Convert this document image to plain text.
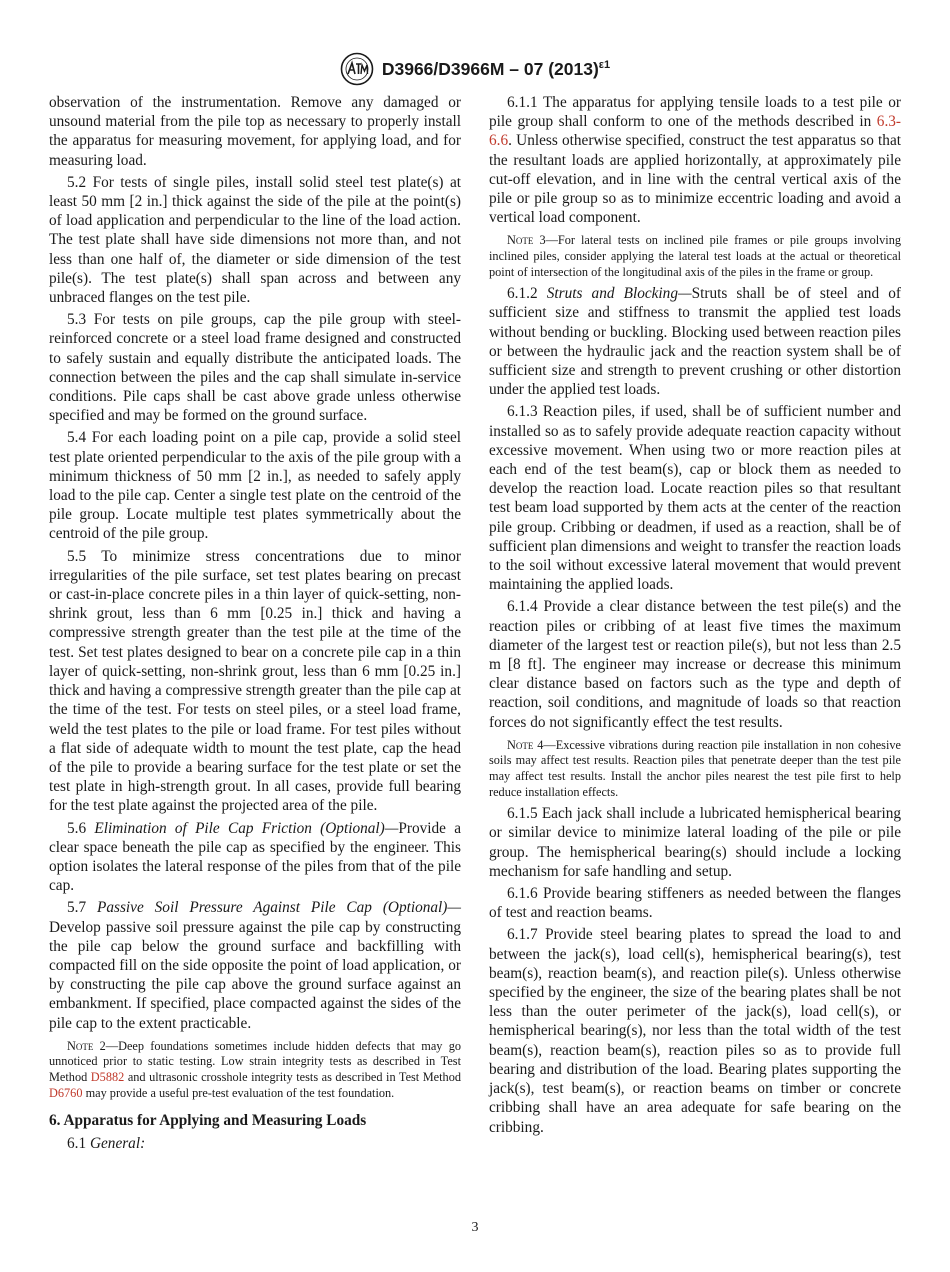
D3966/D3966M – 07 $(2013)^{\varepsilon 1}$

observation of the instrumentation. Remove any damaged or unsound material from the pile top as necessary to properly install the apparatus for measuring movement, for applying load, and for measuring load.

5.2 For tests of single piles, install solid steel test plate(s) at least 50 mm [2 in.] thick against the side of the pile at the point(s) of load application and perpendicular to the line of the load action. The test plate shall have side dimensions not more than, and not less than one half of, the diameter or side dimension of the test pile(s). The test plate(s) shall span across and between any unbraced flanges on the test pile.

5.3 For tests on pile groups, cap the pile group with steel-reinforced concrete or a steel load frame designed and constructed to safely sustain and equally distribute the anticipated loads. The connection between the piles and the cap shall simulate in-service conditions. Pile caps shall be cast above grade unless otherwise specified and may be formed on the ground surface.

5.4 For each loading point on a pile cap, provide a solid steel test plate oriented perpendicular to the axis of the pile group with a minimum thickness of 50 mm [2 in.], as needed to safely apply load to the pile cap. Center a single test plate on the centroid of the pile group. Locate multiple test plates symmetrically about the centroid of the pile group.

5.5 To minimize stress concentrations due to minor irregularities of the pile surface, set test plates bearing on precast or cast-in-place concrete piles in a thin layer of quick-setting, non-shrink grout, less than 6 mm [0.25 in.] thick and having a compressive strength greater than the test pile at the time of the test. Set test plates designed to bear on a concrete pile cap in a thin layer of quick-setting, non-shrink grout, less than 6 mm [0.25 in.] thick and having a compressive strength greater than the pile cap at the time of the test. For tests on steel piles, or a steel load frame, weld the test plates to the pile or load frame. For test piles without a flat side of adequate width to mount the test plate, cap the head of the pile to provide a bearing surface for the test plate or set the test plate in high-strength grout. In all cases, provide full bearing for the test plate against the projected area of the pile.

5.6 Elimination of Pile Cap Friction (Optional)—Provide a clear space beneath the pile cap as specified by the engineer. This option isolates the lateral response of the piles from that of the pile cap.

5.7 Passive Soil Pressure Against Pile Cap (Optional)— Develop passive soil pressure against the pile cap by constructing the pile cap below the ground surface and backfilling with compacted fill on the side opposite the point of load application, or by constructing the pile cap above the ground surface against an embankment. If specified, place compacted against the sides of the pile cap to the extent practicable.

Note 2—Deep foundations sometimes include hidden defects that may go unnoticed prior to static testing. Low strain integrity tests as described in Test Method D5882 and ultrasonic crosshole integrity tests as described in Test Method D6760 may provide a useful pre-test evaluation of the test foundation.

6. Apparatus for Applying and Measuring Loads

6.1 General:

6.1.1 The apparatus for applying tensile loads to a test pile or pile group shall conform to one of the methods described in 6.3-6.6. Unless otherwise specified, construct the test apparatus so that the resultant loads are applied horizontally, at approximately pile cut-off elevation, and in line with the central vertical axis of the pile or pile group so as to minimize eccentric loading and avoid a vertical load component.

Note 3—For lateral tests on inclined pile frames or pile groups involving inclined piles, consider applying the lateral test loads at the actual or theoretical point of intersection of the longitudinal axis of the piles in the frame or group.

6.1.2 Struts and Blocking—Struts shall be of steel and of sufficient size and stiffness to transmit the applied test loads without bending or buckling. Blocking used between reaction piles or between the hydraulic jack and the reaction system shall be of sufficient size and strength to prevent crushing or other distortion under the applied test loads.

6.1.3 Reaction piles, if used, shall be of sufficient number and installed so as to safely provide adequate reaction capacity without excessive movement. When using two or more reaction piles at each end of the test beam(s), cap or block them as needed to develop the reaction load. Locate reaction piles so that resultant test beam load supported by them acts at the center of the reaction pile group. Cribbing or deadmen, if used as a reaction, shall be of sufficient plan dimensions and weight to transfer the reaction loads to the soil without excessive lateral movement that would prevent maintaining the applied loads.

6.1.4 Provide a clear distance between the test pile(s) and the reaction piles or cribbing of at least five times the maximum diameter of the largest test or reaction pile(s), but not less than 2.5 m [8 ft]. The engineer may increase or decrease this minimum clear distance based on factors such as the type and depth of reaction, soil conditions, and magnitude of loads so that reaction forces do not significantly effect the test results.

Note 4—Excessive vibrations during reaction pile installation in non cohesive soils may affect test results. Reaction piles that penetrate deeper than the test pile may affect test results. Install the anchor piles nearest the test pile first to help reduce installation effects.

6.1.5 Each jack shall include a lubricated hemispherical bearing or similar device to minimize lateral loading of the pile or pile group. The hemispherical bearing(s) should include a locking mechanism for safe handling and setup.

6.1.6 Provide bearing stiffeners as needed between the flanges of test and reaction beams.

6.1.7 Provide steel bearing plates to spread the load to and between the jack(s), load cell(s), hemispherical bearing(s), test beam(s), reaction beam(s), and reaction pile(s). Unless otherwise specified by the engineer, the size of the bearing plates shall be not less than the outer perimeter of the jack(s), load cell(s), or hemispherical bearing(s), nor less than the total width of the test beam(s), reaction beam(s), reaction piles so as to provide full bearing and distribution of the load. Bearing plates supporting the jack(s), test beam(s), or reaction beams on timber or concrete cribbing shall have an area adequate for safe bearing on the cribbing.

3
